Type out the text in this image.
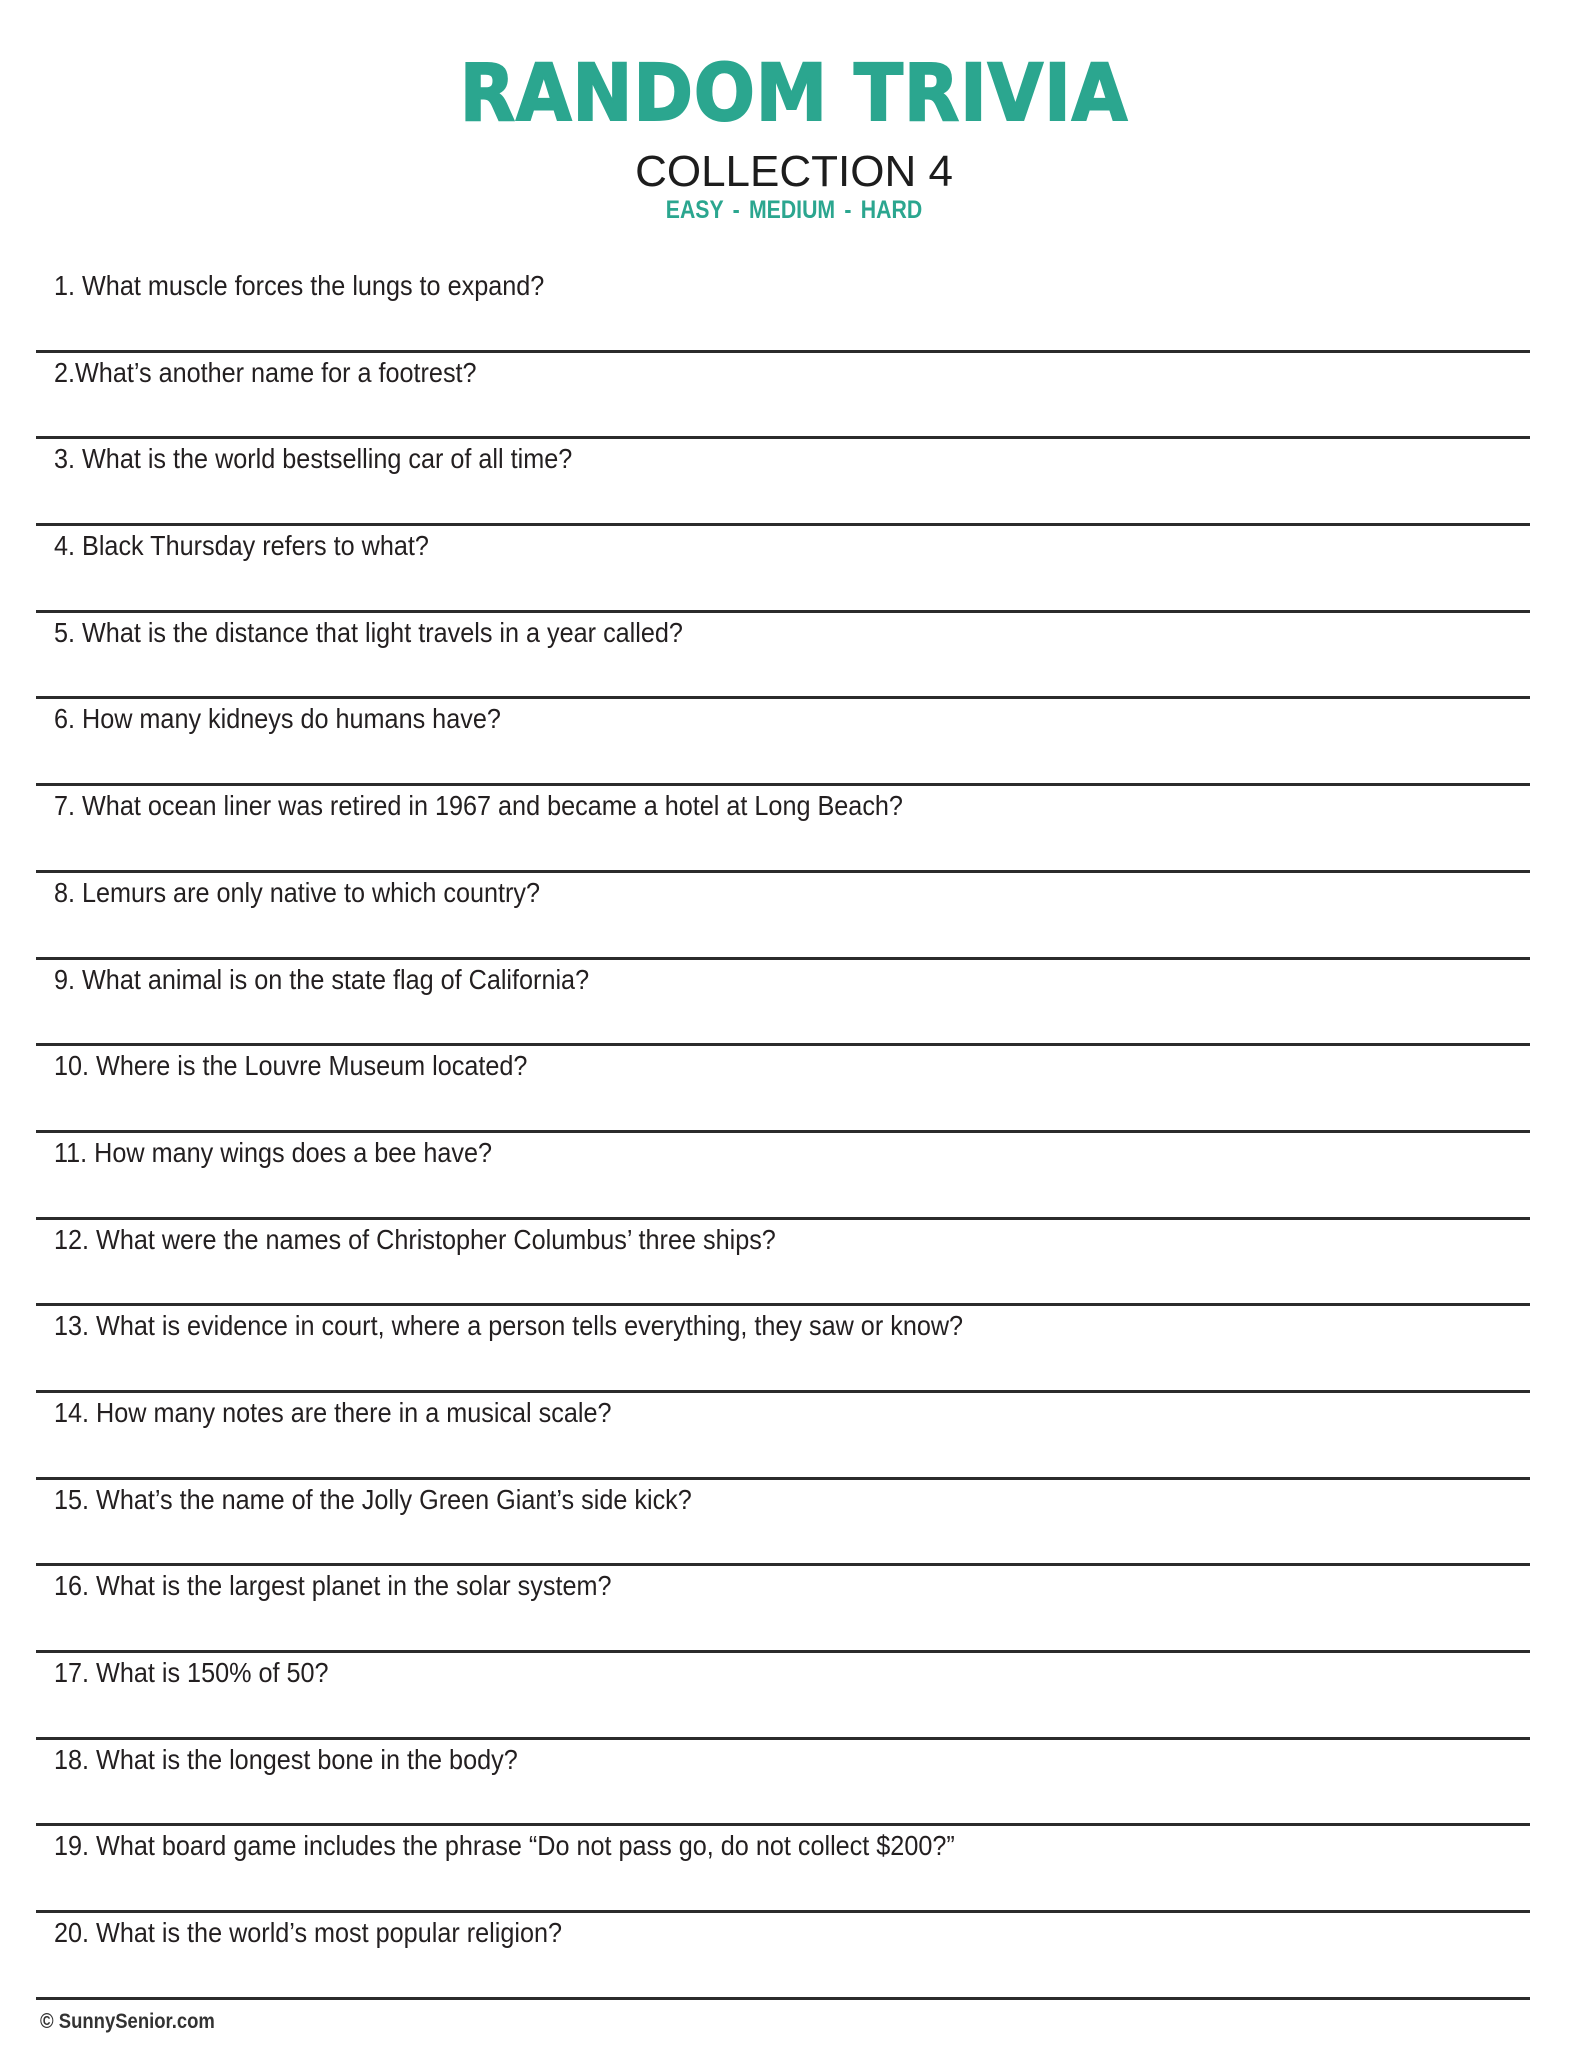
RANDOM TRIVIA
COLLECTION 4
EASY - MEDIUM - HARD
1. What muscle forces the lungs to expand?
2.What’s another name for a footrest?
3. What is the world bestselling car of all time?
4. Black Thursday refers to what?
5. What is the distance that light travels in a year called?
6. How many kidneys do humans have?
7. What ocean liner was retired in 1967 and became a hotel at Long Beach?
8. Lemurs are only native to which country?
9. What animal is on the state flag of California?
10. Where is the Louvre Museum located?
11. How many wings does a bee have?
12. What were the names of Christopher Columbus’ three ships?
13. What is evidence in court, where a person tells everything, they saw or know?
14. How many notes are there in a musical scale?
15. What’s the name of the Jolly Green Giant’s side kick?
16. What is the largest planet in the solar system?
17. What is 150% of 50?
18. What is the longest bone in the body?
19. What board game includes the phrase “Do not pass go, do not collect $200?”
20. What is the world’s most popular religion?
© SunnySenior.com
